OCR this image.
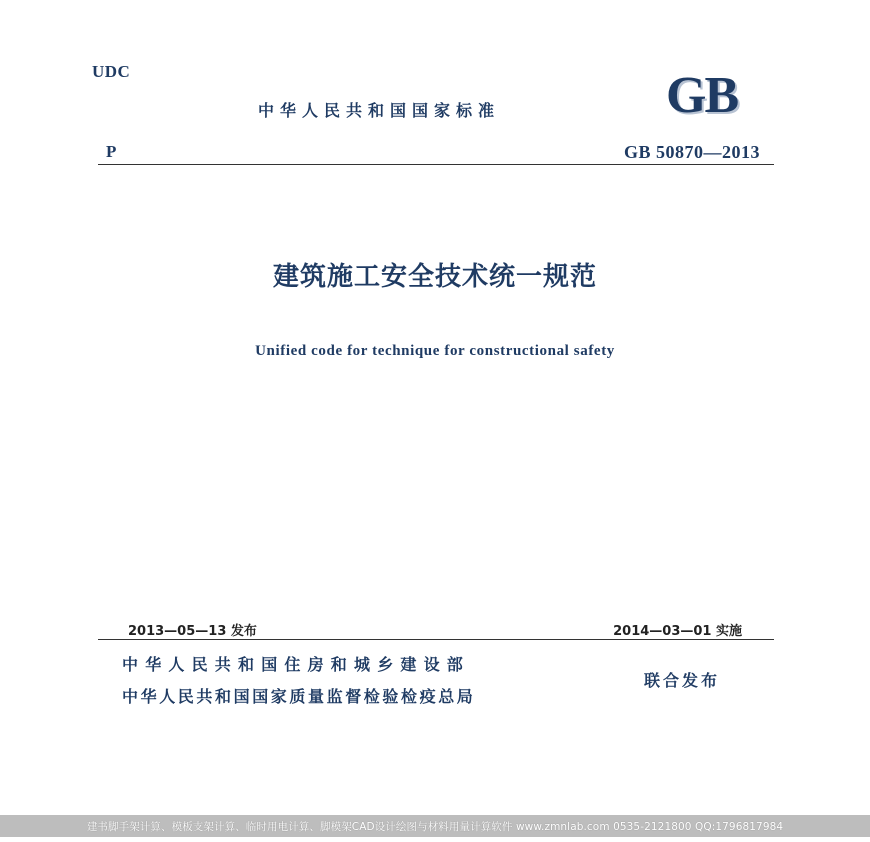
UDC
中华人民共和国国家标准	GB
P	GB 50870—2013
建筑施工安全技术统一规范
Unified code for technique for constructional safety
2013—05—13 发布	2014—03—01 实施
中华人民共和国住房和城乡建设部
中华人民共和国国家质量监督检验检疫总局
联合发布
建书脚手架计算、模板支架计算、临时用电计算、脚模架CAD设计绘图与材料用量计算软件 www.zmnlab.com 0535-2121800 QQ:1796817984
